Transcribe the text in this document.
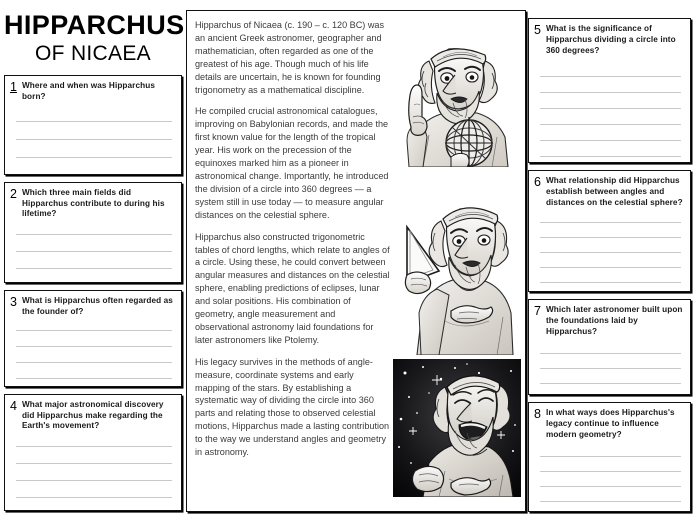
HIPPARCHUS
OF NICAEA
1 Where and when was Hipparchus born?
2 Which three main fields did Hipparchus contribute to during his lifetime?
3 What is Hipparchus often regarded as the founder of?
4 What major astronomical discovery did Hipparchus make regarding the Earth's movement?

Hipparchus of Nicaea (c. 190 – c. 120 BC) was an ancient Greek astronomer, geographer and mathematician, often regarded as one of the greatest of his age. Though much of his life details are uncertain, he is known for founding trigonometry as a mathematical discipline.

He compiled crucial astronomical catalogues, improving on Babylonian records, and made the first known value for the length of the tropical year. His work on the precession of the equinoxes marked him as a pioneer in astronomical change. Importantly, he introduced the division of a circle into 360 degrees — a system still in use today — to measure angular distances on the celestial sphere.

Hipparchus also constructed trigonometric tables of chord lengths, which relate to angles of a circle. Using these, he could convert between angular measures and distances on the celestial sphere, enabling predictions of eclipses, lunar and solar positions. His combination of geometry, angle measurement and observational astronomy laid foundations for later astronomers like Ptolemy.

His legacy survives in the methods of angle-measure, coordinate systems and early mapping of the stars. By establishing a systematic way of dividing the circle into 360 parts and relating those to observed celestial motions, Hipparchus made a lasting contribution to the way we understand angles and geometry in astronomy.

5 What is the significance of Hipparchus dividing a circle into 360 degrees?
6 What relationship did Hipparchus establish between angles and distances on the celestial sphere?
7 Which later astronomer built upon the foundations laid by Hipparchus?
8 In what ways does Hipparchus's legacy continue to influence modern geometry?
